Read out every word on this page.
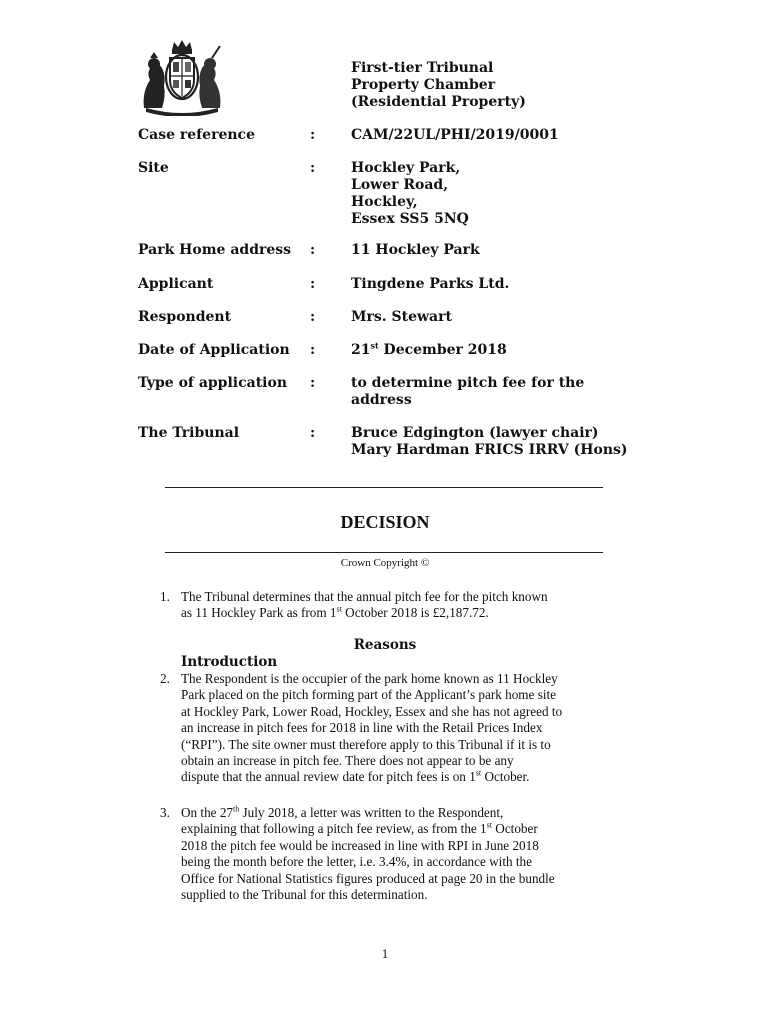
First-tier Tribunal
Property Chamber
(Residential Property)
Case reference	:	CAM/22UL/PHI/2019/0001
Site	:	Hockley Park,
Lower Road,
Hockley,
Essex SS5 5NQ
Park Home address :	11 Hockley Park
Applicant	:	Tingdene Parks Ltd.
Respondent	:	Mrs. Stewart
Date of Application :	21st December 2018
Type of application :	to determine pitch fee for the
address
The Tribunal	:	Bruce Edgington (lawyer chair)
Mary Hardman FRICS IRRV (Hons)
DECISION
Crown Copyright ©
1. The Tribunal determines that the annual pitch fee for the pitch known
as 11 Hockley Park as from 1st October 2018 is £2,187.72.
Reasons
Introduction
2. The Respondent is the occupier of the park home known as 11 Hockley
Park placed on the pitch forming part of the Applicant’s park home site
at Hockley Park, Lower Road, Hockley, Essex and she has not agreed to
an increase in pitch fees for 2018 in line with the Retail Prices Index
(“RPI”). The site owner must therefore apply to this Tribunal if it is to
obtain an increase in pitch fee. There does not appear to be any
dispute that the annual review date for pitch fees is on 1st October.
3. On the 27th July 2018, a letter was written to the Respondent,
explaining that following a pitch fee review, as from the 1st October
2018 the pitch fee would be increased in line with RPI in June 2018
being the month before the letter, i.e. 3.4%, in accordance with the
Office for National Statistics figures produced at page 20 in the bundle
supplied to the Tribunal for this determination.
1
